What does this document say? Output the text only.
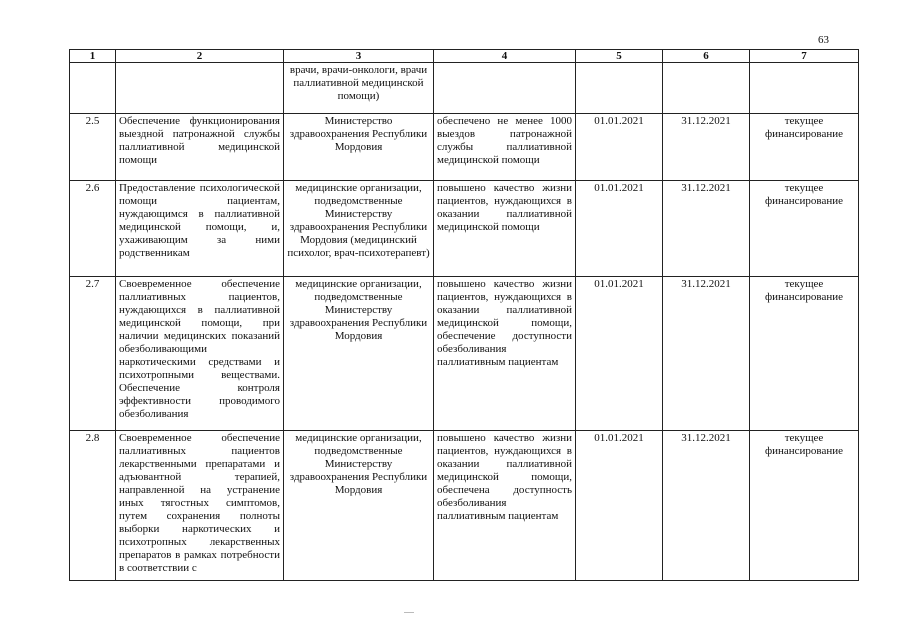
63
1	2	3	4	5	6	7
		врачи, врачи-онкологи, врачи паллиативной медицинской помощи)				
2.5	Обеспечение функционирования выездной патронажной службы паллиативной медицинской помощи	Министерство здравоохранения Республики Мордовия	обеспечено не менее 1000 выездов патронажной службы паллиативной медицинской помощи	01.01.2021	31.12.2021	текущее финансирование
2.6	Предоставление психологической помощи пациентам, нуждающимся в паллиативной медицинской помощи, и, ухаживающим за ними родственникам	медицинские организации, подведомственные Министерству здравоохранения Республики Мордовия (медицинский психолог, врач-психотерапевт)	повышено качество жизни пациентов, нуждающихся в оказании паллиативной медицинской помощи	01.01.2021	31.12.2021	текущее финансирование
2.7	Своевременное обеспечение паллиативных пациентов, нуждающихся в паллиативной медицинской помощи, при наличии медицинских показаний обезболивающими наркотическими средствами и психотропными веществами. Обеспечение контроля эффективности проводимого обезболивания	медицинские организации, подведомственные Министерству здравоохранения Республики Мордовия	повышено качество жизни пациентов, нуждающихся в оказании паллиативной медицинской помощи, обеспечение доступности обезболивания паллиативным пациентам	01.01.2021	31.12.2021	текущее финансирование
2.8	Своевременное обеспечение паллиативных пациентов лекарственными препаратами и адъювантной терапией, направленной на устранение иных тягостных симптомов, путем сохранения полноты выборки наркотических и психотропных лекарственных препаратов в рамках потребности в соответствии с	медицинские организации, подведомственные Министерству здравоохранения Республики Мордовия	повышено качество жизни пациентов, нуждающихся в оказании паллиативной медицинской помощи, обеспечена доступность обезболивания паллиативным пациентам	01.01.2021	31.12.2021	текущее финансирование
